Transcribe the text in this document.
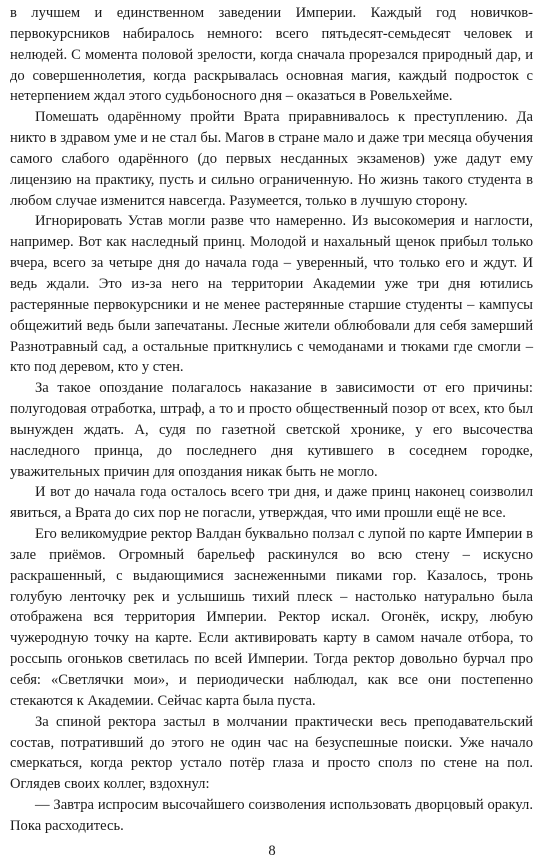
в лучшем и единственном заведении Империи. Каждый год новичков-первокурсников набиралось немного: всего пятьдесят-семьдесят человек и нелюдей. С момента половой зрелости, когда сначала прорезался природный дар, и до совершеннолетия, когда раскрывалась основная магия, каждый подросток с нетерпением ждал этого судьбоносного дня – оказаться в Ровельхейме.

Помешать одарённому пройти Врата приравнивалось к преступлению. Да никто в здравом уме и не стал бы. Магов в стране мало и даже три месяца обучения самого слабого одарённого (до первых несданных экзаменов) уже дадут ему лицензию на практику, пусть и сильно ограниченную. Но жизнь такого студента в любом случае изменится навсегда. Разумеется, только в лучшую сторону.

Игнорировать Устав могли разве что намеренно. Из высокомерия и наглости, например. Вот как наследный принц. Молодой и нахальный щенок прибыл только вчера, всего за четыре дня до начала года – уверенный, что только его и ждут. И ведь ждали. Это из-за него на территории Академии уже три дня ютились растерянные первокурсники и не менее растерянные старшие студенты – кампусы общежитий ведь были запечатаны. Лесные жители облюбовали для себя замерший Разнотравный сад, а остальные приткнулись с чемоданами и тюками где смогли – кто под деревом, кто у стен.

За такое опоздание полагалось наказание в зависимости от его причины: полугодовая отработка, штраф, а то и просто общественный позор от всех, кто был вынужден ждать. А, судя по газетной светской хронике, у его высочества наследного принца, до последнего дня кутившего в соседнем городке, уважительных причин для опоздания никак быть не могло.

И вот до начала года осталось всего три дня, и даже принц наконец соизволил явиться, а Врата до сих пор не погасли, утверждая, что ими прошли ещё не все.

Его великомудрие ректор Валдан буквально ползал с лупой по карте Империи в зале приёмов. Огромный барельеф раскинулся во всю стену – искусно раскрашенный, с выдающимися заснеженными пиками гор. Казалось, тронь голубую ленточку рек и услышишь тихий плеск – настолько натурально была отображена вся территория Империи. Ректор искал. Огонёк, искру, любую чужеродную точку на карте. Если активировать карту в самом начале отбора, то россыпь огоньков светилась по всей Империи. Тогда ректор довольно бурчал про себя: «Светлячки мои», и периодически наблюдал, как все они постепенно стекаются к Академии. Сейчас карта была пуста.

За спиной ректора застыл в молчании практически весь преподавательский состав, потративший до этого не один час на безуспешные поиски. Уже начало смеркаться, когда ректор устало потёр глаза и просто сполз по стене на пол. Оглядев своих коллег, вздохнул:

— Завтра испросим высочайшего соизволения использовать дворцовый оракул. Пока расходитесь.

8
